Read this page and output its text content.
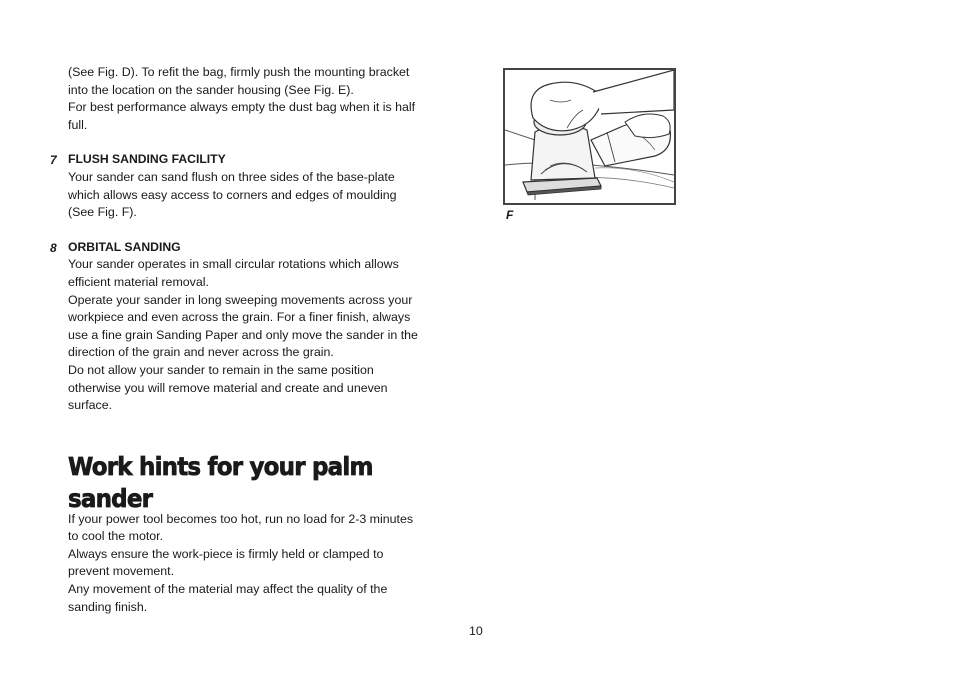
(See Fig. D). To refit the bag, firmly push the mounting bracket
into the location on the sander housing (See Fig. E).
For best performance always empty the dust bag when it is half
full.

7 FLUSH SANDING FACILITY

Your sander can sand flush on three sides of the base-plate
which allows easy access to corners and edges of moulding
(See Fig. F).

8 ORBITAL SANDING

Your sander operates in small circular rotations which allows
efficient material removal.
Operate your sander in long sweeping movements across your
workpiece and even across the grain. For a finer finish, always
use a fine grain Sanding Paper and only move the sander in the
direction of the grain and never across the grain.
Do not allow your sander to remain in the same position
otherwise you will remove material and create and uneven
surface.

Work hints for your palm sander

If your power tool becomes too hot, run no load for 2-3 minutes
to cool the motor.
Always ensure the work-piece is firmly held or clamped to
prevent movement.
Any movement of the material may affect the quality of the
sanding finish.

F
10
